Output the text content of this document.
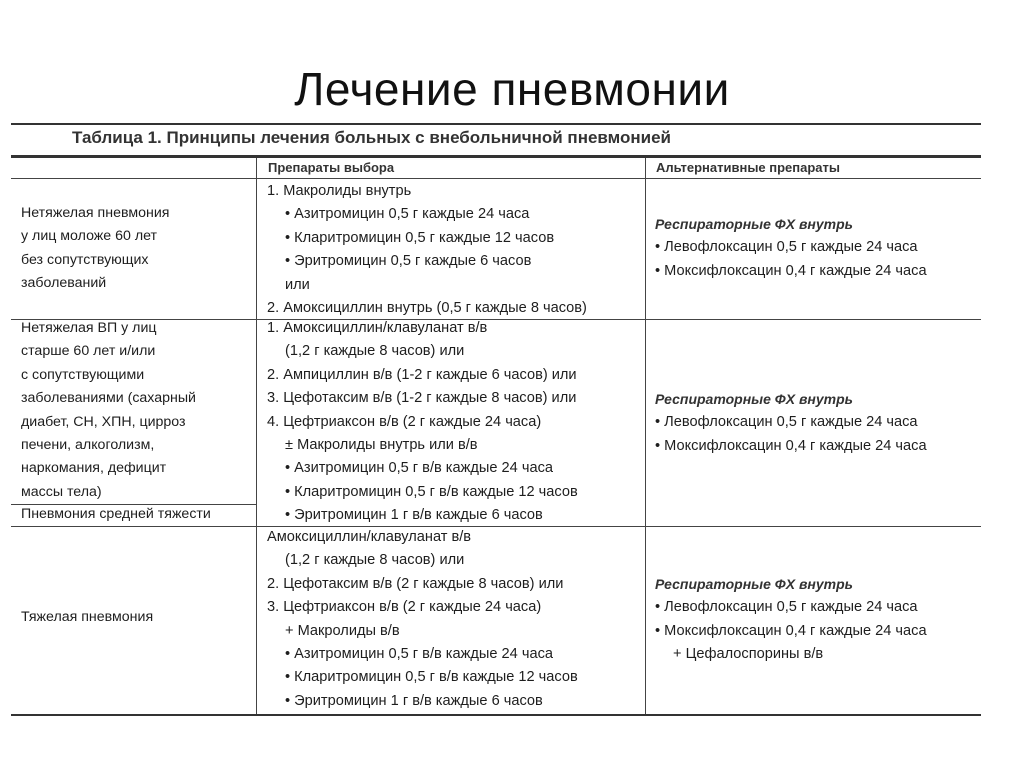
Лечение пневмонии
Таблица 1. Принципы лечения больных с внебольничной пневмонией
Препараты выбора	Альтернативные препараты
Нетяжелая пневмония
у лиц моложе 60 лет
без сопутствующих
заболеваний
1. Макролиды внутрь
• Азитромицин 0,5 г каждые 24 часа
• Кларитромицин 0,5 г каждые 12 часов
• Эритромицин 0,5 г каждые 6 часов
или
2. Амоксициллин внутрь (0,5 г каждые 8 часов)
Респираторные ФХ внутрь
• Левофлоксацин 0,5 г каждые 24 часа
• Моксифлоксацин 0,4 г каждые 24 часа
Нетяжелая ВП у лиц
старше 60 лет и/или
с сопутствующими
заболеваниями (сахарный
диабет, СН, ХПН, цирроз
печени, алкоголизм,
наркомания, дефицит
массы тела)
Пневмония средней тяжести
1. Амоксициллин/клавуланат в/в
(1,2 г каждые 8 часов) или
2. Ампициллин в/в (1-2 г каждые 6 часов) или
3. Цефотаксим в/в (1-2 г каждые 8 часов) или
4. Цефтриаксон в/в (2 г каждые 24 часа)
± Макролиды внутрь или в/в
• Азитромицин 0,5 г в/в каждые 24 часа
• Кларитромицин 0,5 г в/в каждые 12 часов
• Эритромицин 1 г в/в каждые 6 часов
Респираторные ФХ внутрь
• Левофлоксацин 0,5 г каждые 24 часа
• Моксифлоксацин 0,4 г каждые 24 часа
Тяжелая пневмония
Амоксициллин/клавуланат в/в
(1,2 г каждые 8 часов) или
2. Цефотаксим в/в (2 г каждые 8 часов) или
3. Цефтриаксон в/в (2 г каждые 24 часа)
+ Макролиды в/в
• Азитромицин 0,5 г в/в каждые 24 часа
• Кларитромицин 0,5 г в/в каждые 12 часов
• Эритромицин 1 г в/в каждые 6 часов
Респираторные ФХ внутрь
• Левофлоксацин 0,5 г каждые 24 часа
• Моксифлоксацин 0,4 г каждые 24 часа
+ Цефалоспорины в/в
